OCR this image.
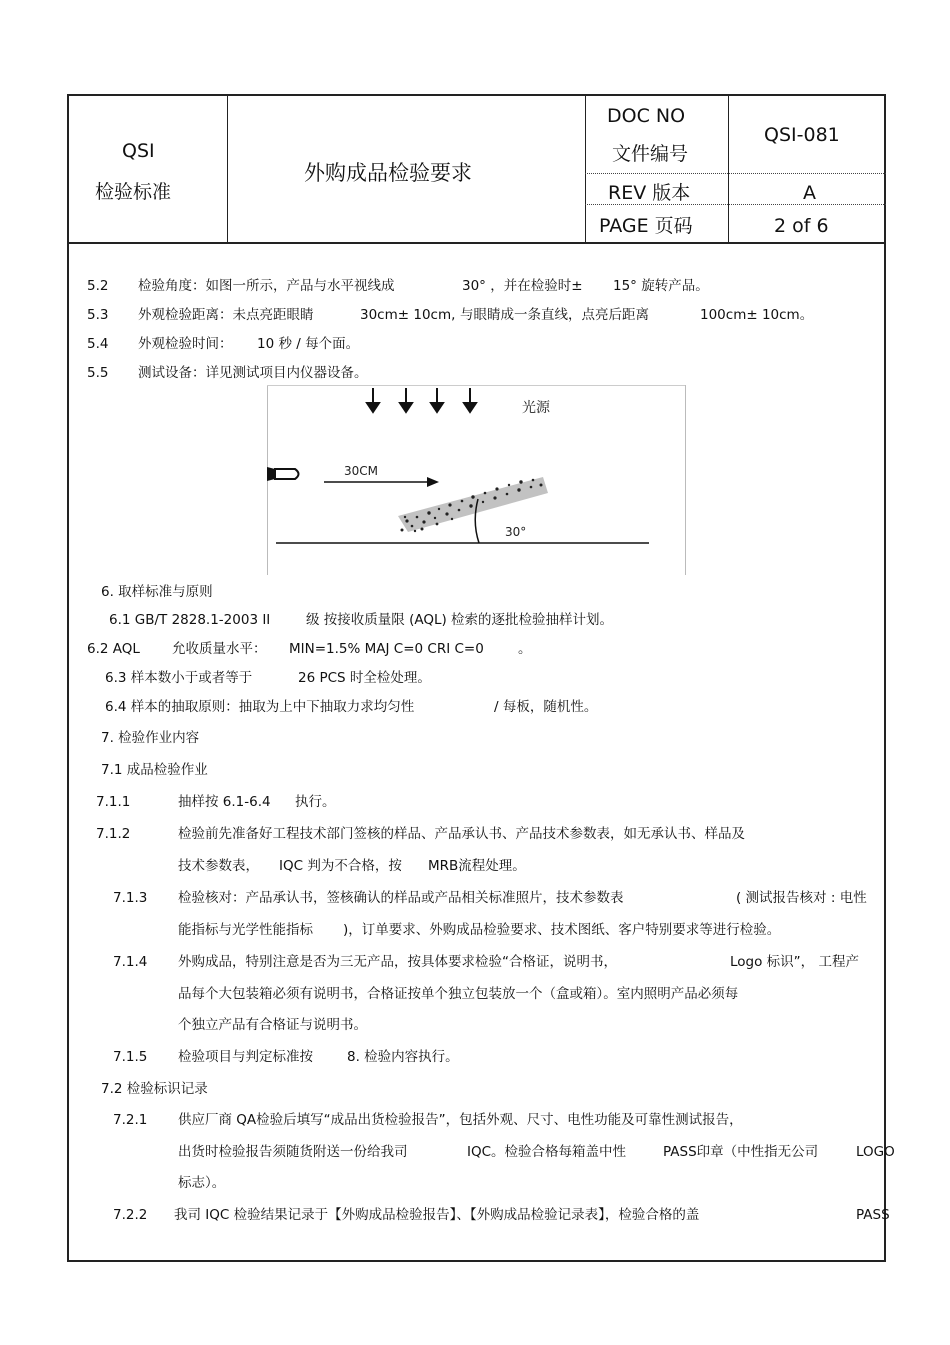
QSI
检验标准
外购成品检验要求
DOC NO
文件编号
QSI-081
REV 版本	A
PAGE 页码	2 of 6
5.2 检验角度：如图一所示，产品与水平视线成	30° ，并在检验时± 15° 旋转产品。
5.3 外观检验距离：未点亮距眼睛	30cm± 10cm, 与眼睛成一条直线，点亮后距离	100cm± 10cm。
5.4 外观检验时间： 10 秒 / 每个面。
5.5 测试设备：详见测试项目内仪器设备。
光源
30CM
30°
6. 取样标准与原则
6.1 GB/T 2828.1-2003 II	级 按接收质量限 (AQL) 检索的逐批检验抽样计划。
6.2 AQL 允收质量水平： MIN=1.5% MAJ C=0 CRI C=0	。
6.3 样本数小于或者等于	26 PCS 时全检处理。
6.4 样本的抽取原则：抽取为上中下抽取力求均匀性	/ 每板，随机性。
7. 检验作业内容
7.1 成品检验作业
7.1.1	抽样按 6.1-6.4 执行。
7.1.2	检验前先准备好工程技术部门签核的样品、产品承认书、产品技术参数表，如无承认书、样品及
技术参数表， IQC 判为不合格，按 MRB流程处理。
7.1.3 检验核对：产品承认书，签核确认的样品或产品相关标准照片，技术参数表	( 测试报告核对 : 电性
能指标与光学性能指标 )，订单要求、外购成品检验要求、技术图纸、客户特别要求等进行检验。
7.1.4 外购成品，特别注意是否为三无产品，按具体要求检验“合格证，说明书，	Logo 标识”， 工程产
品每个大包装箱必须有说明书，合格证按单个独立包装放一个（盒或箱）。室内照明产品必须每
个独立产品有合格证与说明书。
7.1.5 检验项目与判定标准按	8. 检验内容执行。
7.2 检验标识记录
7.2.1 供应厂商 QA检验后填写“成品出货检验报告”，包括外观、尺寸、电性功能及可靠性测试报告，
出货时检验报告须随货附送一份给我司	IQC。检验合格每箱盖中性	PASS印章（中性指无公司	LOGO
标志）。
7.2.2 我司 IQC 检验结果记录于【外购成品检验报告】、【外购成品检验记录表】，检验合格的盖	PASS
